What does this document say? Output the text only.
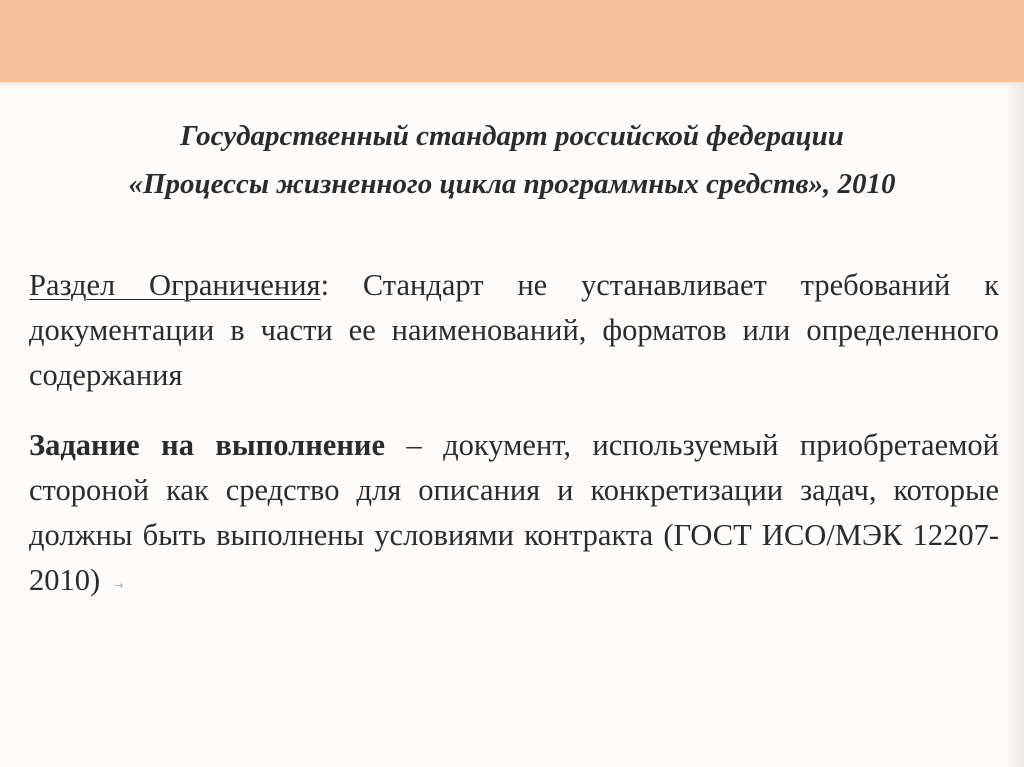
Государственный стандарт российской федерации
«Процессы жизненного цикла программных средств», 2010

Раздел Ограничения: Стандарт не устанавливает требований к документации в части ее наименований, форматов или определенного содержания

Задание на выполнение – документ, используемый приобретаемой стороной как средство для описания и конкретизации задач, которые должны быть выполнены условиями контракта (ГОСТ ИСО/МЭК 12207-2010) →
